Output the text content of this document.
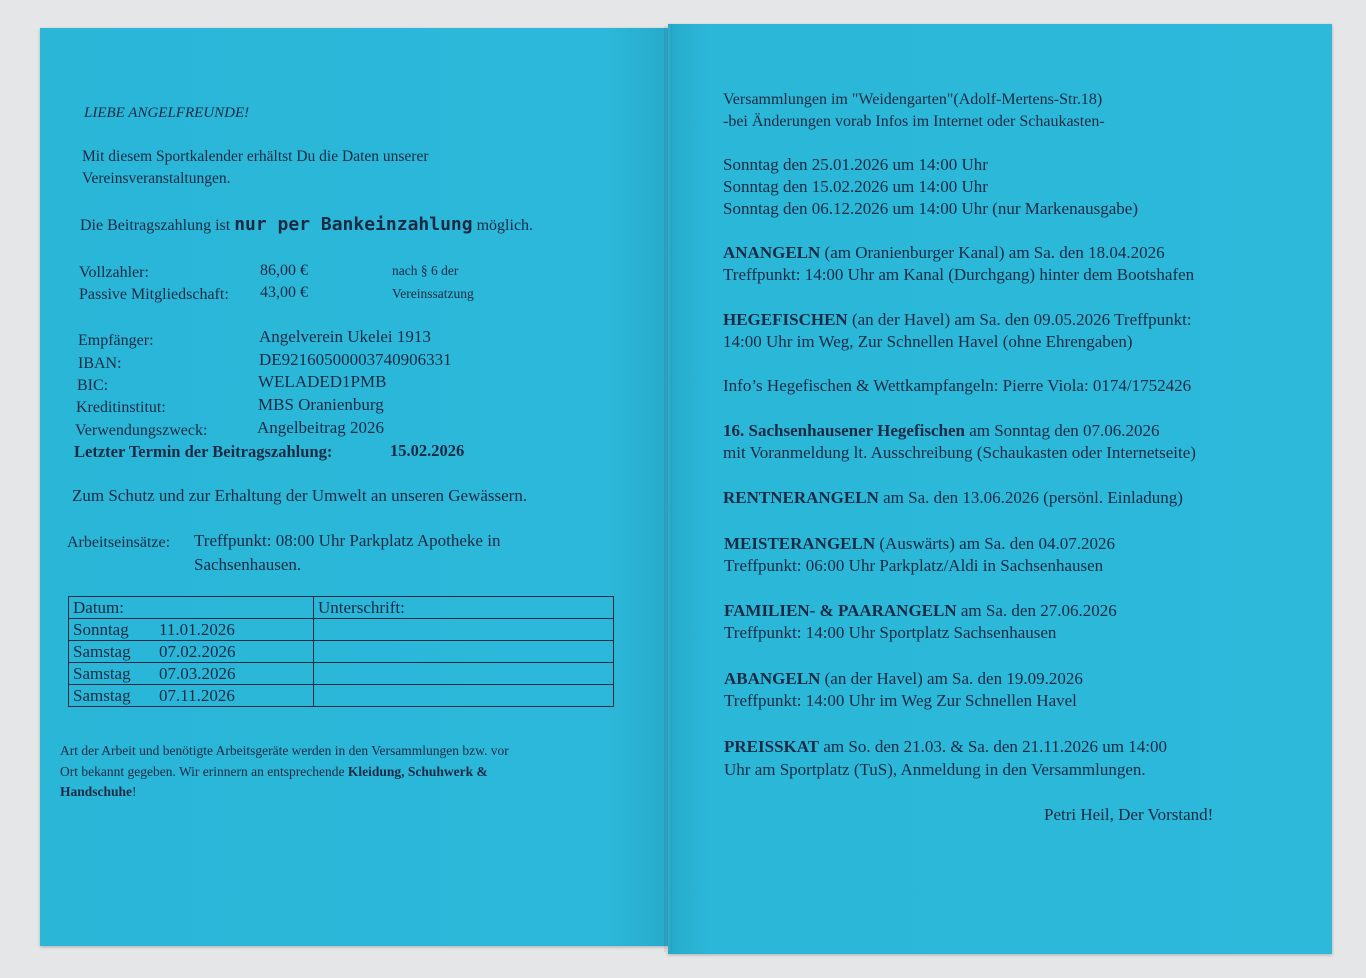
LIEBE ANGELFREUNDE!
Mit diesem Sportkalender erhältst Du die Daten unserer
Vereinsveranstaltungen.
Die Beitragszahlung ist nur per Bankeinzahlung möglich.
Vollzahler:	86,00 €
Passive Mitgliedschaft: 43,00 €
nach § 6 der
Vereinssatzung
Empfänger:	Angelverein Ukelei 1913
IBAN:	DE92160500003740906331
BIC:	WELADED1PMB
Kreditinstitut:	MBS Oranienburg
Verwendungszweck:	Angelbeitrag 2026
Letzter Termin der Beitragszahlung:	15.02.2026
Zum Schutz und zur Erhaltung der Umwelt an unseren Gewässern.
Arbeitseinsätze: Treffpunkt: 08:00 Uhr Parkplatz Apotheke in
Sachsenhausen.
Datum:	Unterschrift:
Sonntag 11.01.2026	
Samstag 07.02.2026	
Samstag 07.03.2026	
Samstag 07.11.2026	
Art der Arbeit und benötigte Arbeitsgeräte werden in den Versammlungen bzw. vor
Ort bekannt gegeben. Wir erinnern an entsprechende Kleidung, Schuhwerk &
Handschuhe!
Versammlungen im "Weidengarten"(Adolf-Mertens-Str.18)
-bei Änderungen vorab Infos im Internet oder Schaukasten-
Sonntag den 25.01.2026 um 14:00 Uhr
Sonntag den 15.02.2026 um 14:00 Uhr
Sonntag den 06.12.2026 um 14:00 Uhr (nur Markenausgabe)
ANANGELN (am Oranienburger Kanal) am Sa. den 18.04.2026
Treffpunkt: 14:00 Uhr am Kanal (Durchgang) hinter dem Bootshafen
HEGEFISCHEN (an der Havel) am Sa. den 09.05.2026 Treffpunkt:
14:00 Uhr im Weg, Zur Schnellen Havel (ohne Ehrengaben)
Info’s Hegefischen & Wettkampfangeln: Pierre Viola: 0174/1752426
16. Sachsenhausener Hegefischen am Sonntag den 07.06.2026
mit Voranmeldung lt. Ausschreibung (Schaukasten oder Internetseite)
RENTNERANGELN am Sa. den 13.06.2026 (persönl. Einladung)
MEISTERANGELN (Auswärts) am Sa. den 04.07.2026
Treffpunkt: 06:00 Uhr Parkplatz/Aldi in Sachsenhausen
FAMILIEN- & PAARANGELN am Sa. den 27.06.2026
Treffpunkt: 14:00 Uhr Sportplatz Sachsenhausen
ABANGELN (an der Havel) am Sa. den 19.09.2026
Treffpunkt: 14:00 Uhr im Weg Zur Schnellen Havel
PREISSKAT am So. den 21.03. & Sa. den 21.11.2026 um 14:00
Uhr am Sportplatz (TuS), Anmeldung in den Versammlungen.
Petri Heil, Der Vorstand!
